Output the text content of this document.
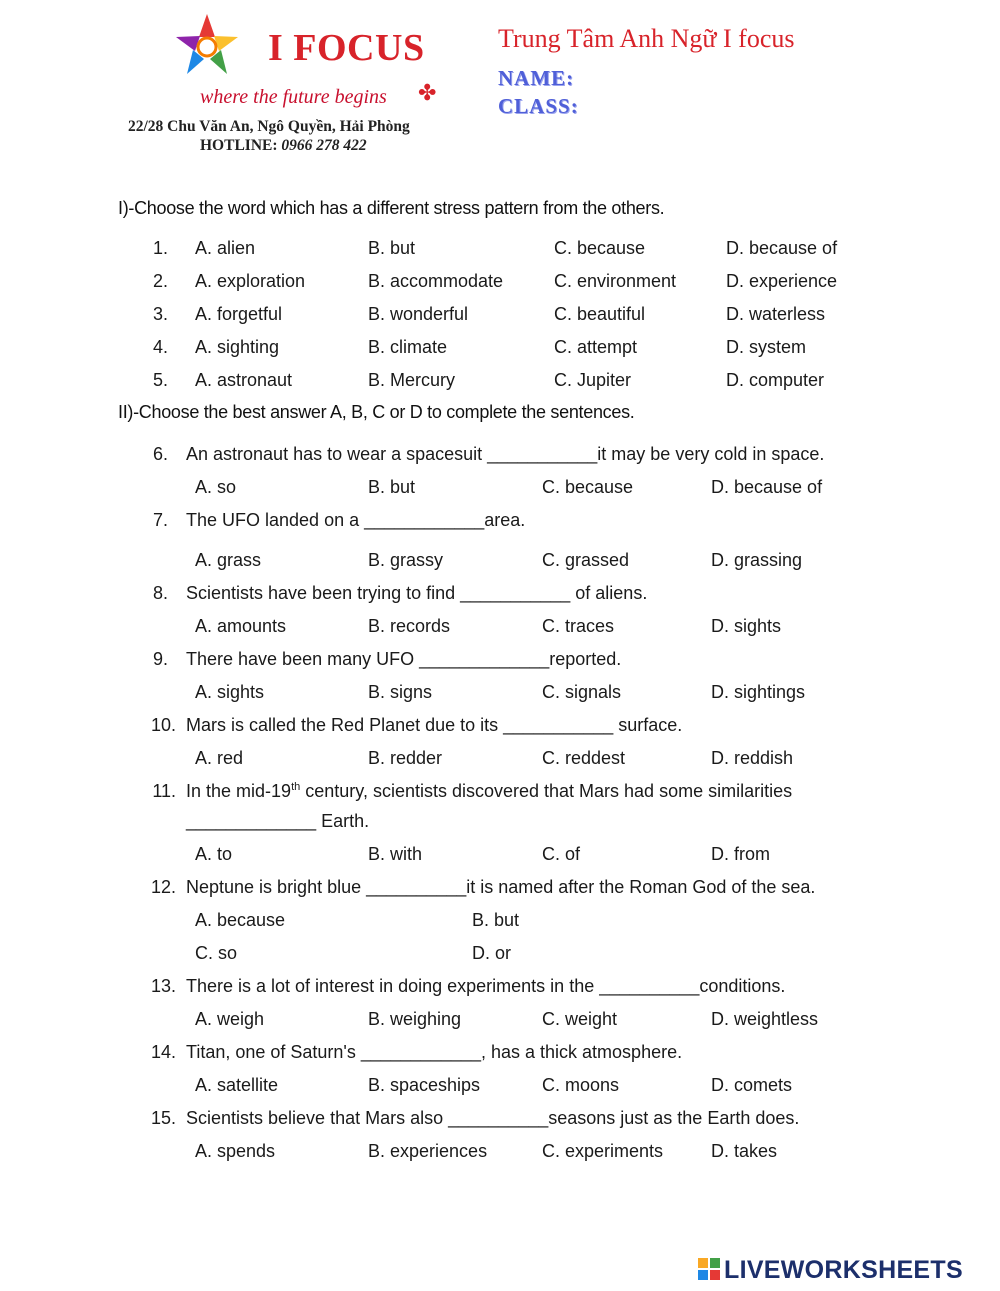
I FOCUS
where the future begins ✤
22/28 Chu Văn An, Ngô Quyền, Hải Phòng
HOTLINE: 0966 278 422
Trung Tâm Anh Ngữ I focus
NAME:
CLASS:
I)-Choose the word which has a different stress pattern from the others.
1. A. alien	B. but	C. because	D. because of
2. A. exploration	B. accommodate	C. environment	D. experience
3. A. forgetful	B. wonderful	C. beautiful	D. waterless
4. A. sighting	B. climate	C. attempt	D. system
5. A. astronaut	B. Mercury	C. Jupiter	D. computer
II)-Choose the best answer A, B, C or D to complete the sentences.
6. An astronaut has to wear a spacesuit ___________it may be very cold in space.
A. so	B. but	C. because	D. because of
7. The UFO landed on a ____________area.
A. grass	B. grassy	C. grassed	D. grassing
8. Scientists have been trying to find ___________ of aliens.
A. amounts	B. records	C. traces	D. sights
9. There have been many UFO _____________reported.
A. sights	B. signs	C. signals	D. sightings
10. Mars is called the Red Planet due to its ___________ surface.
A. red	B. redder	C. reddest	D. reddish
11. In the mid-19th century, scientists discovered that Mars had some similarities
_____________ Earth.
A. to	B. with	C. of	D. from
12. Neptune is bright blue __________it is named after the Roman God of the sea.
A. because	B. but
C. so	D. or
13. There is a lot of interest in doing experiments in the __________conditions.
A. weigh	B. weighing	C. weight	D. weightless
14. Titan, one of Saturn's ____________, has a thick atmosphere.
A. satellite	B. spaceships	C. moons	D. comets
15. Scientists believe that Mars also __________seasons just as the Earth does.
A. spends	B. experiences	C. experiments	D. takes
LIVEWORKSHEETS
